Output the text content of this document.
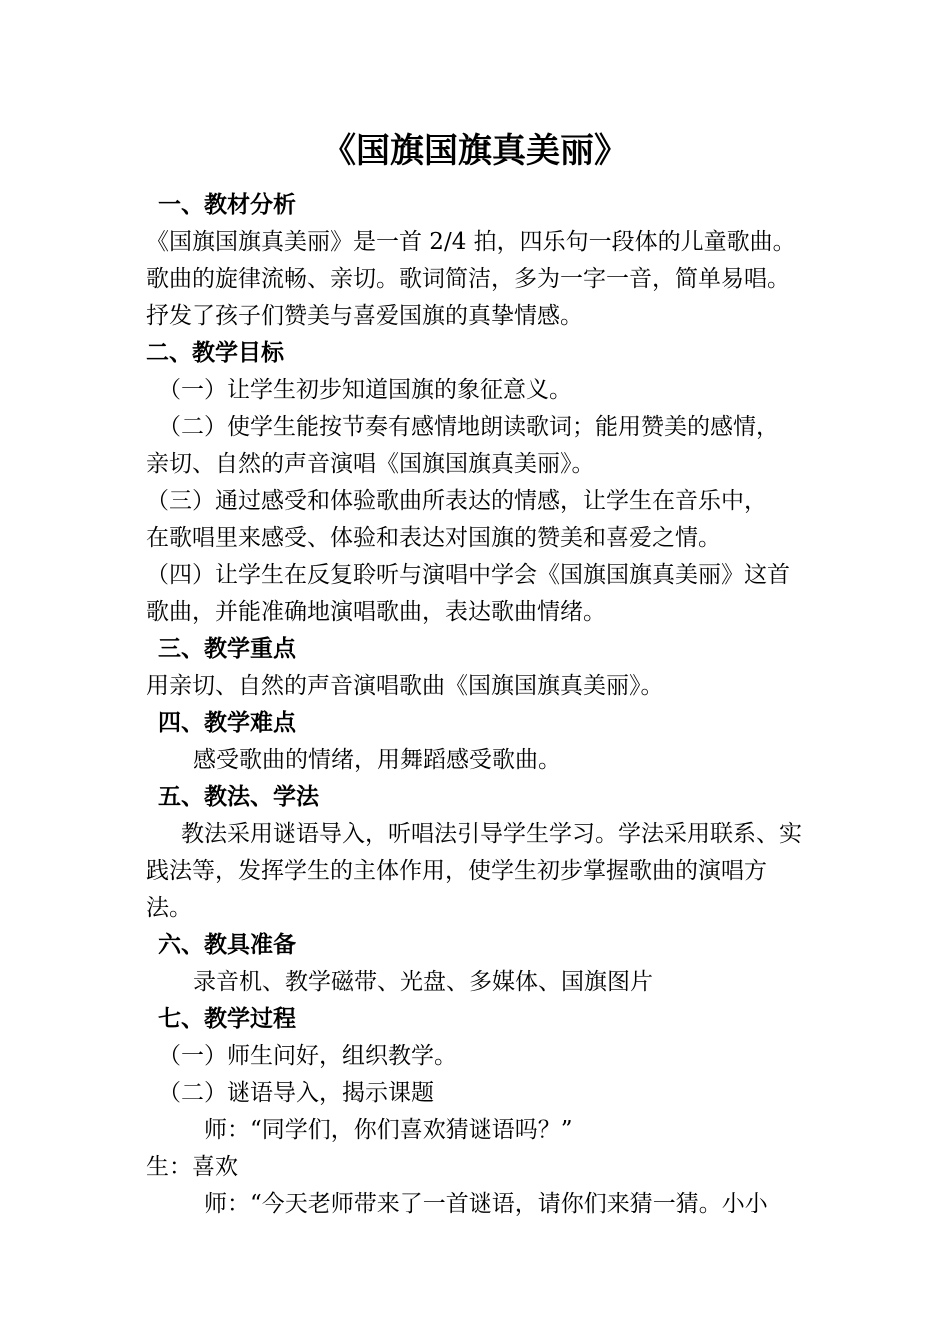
《国旗国旗真美丽》
一、教材分析
《国旗国旗真美丽》是一首 2/4 拍，四乐句一段体的儿童歌曲。
歌曲的旋律流畅、亲切。歌词简洁，多为一字一音，简单易唱。
抒发了孩子们赞美与喜爱国旗的真挚情感。
二、教学目标
（一）让学生初步知道国旗的象征意义。
（二）使学生能按节奏有感情地朗读歌词；能用赞美的感情，
亲切、自然的声音演唱《国旗国旗真美丽》。
（三）通过感受和体验歌曲所表达的情感，让学生在音乐中，
在歌唱里来感受、体验和表达对国旗的赞美和喜爱之情。
（四）让学生在反复聆听与演唱中学会《国旗国旗真美丽》这首
歌曲，并能准确地演唱歌曲，表达歌曲情绪。
三、教学重点
用亲切、自然的声音演唱歌曲《国旗国旗真美丽》。
四、教学难点
感受歌曲的情绪，用舞蹈感受歌曲。
五、教法、学法
教法采用谜语导入，听唱法引导学生学习。学法采用联系、实
践法等，发挥学生的主体作用，使学生初步掌握歌曲的演唱方
法。
六、教具准备
录音机、教学磁带、光盘、多媒体、国旗图片
七、教学过程
（一）师生问好，组织教学。
（二）谜语导入，揭示课题
师：“同学们，你们喜欢猜谜语吗？”
生：喜欢
师：“今天老师带来了一首谜语，请你们来猜一猜。小小
